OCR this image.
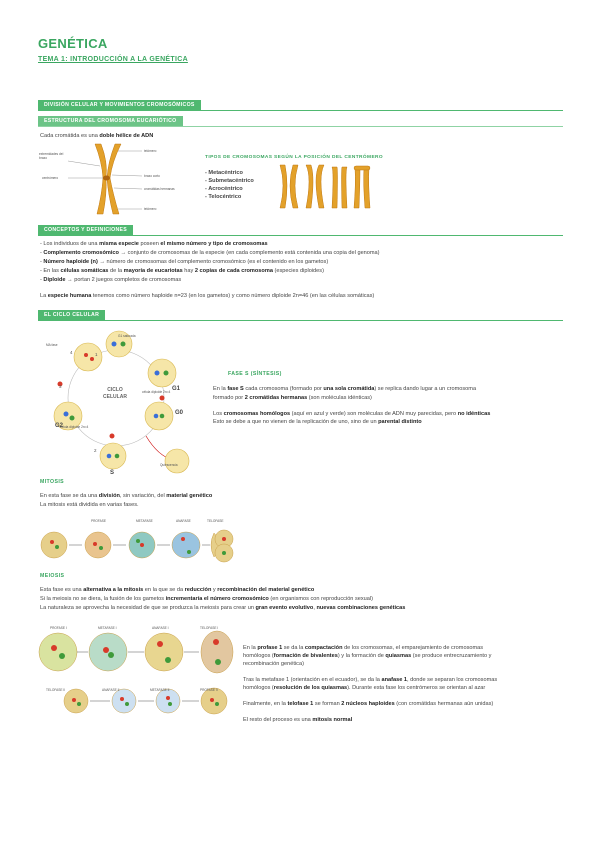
GENÉTICA
TEMA 1: INTRODUCCIÓN A LA GENÉTICA
DIVISIÓN CELULAR Y MOVIMIENTOS CROMOSÓMICOS
ESTRUCTURA DEL CROMOSOMA EUCARIÓTICO
Cada cromátida es una doble hélice de ADN
extremidades del brazo
centrómero
telómero
brazo corto
cromátidas hermanas
telómero
TIPOS DE CROMOSOMAS SEGÚN LA POSICIÓN DEL CENTRÓMERO
- Metacéntrico
- Submetacéntrico
- Acrocéntrico
- Telocéntrico
CONCEPTOS Y DEFINICIONES
- Los individuos de una misma especie poseen el mismo número y tipo de cromosomas
- Complemento cromosómico → conjunto de cromosomas de la especie (en cada complemento está contenida una copia del genoma)
- Número haploide (n) → número de cromosomas del complemento cromosómico (es el contenido en los gametos)
- En las células somáticas de la mayoría de eucariotas hay 2 copias de cada cromosoma (especies diploides)
- Diploide → portan 2 juegos completos de cromosomas
La especie humana tenemos como número haploide n=23 (en los gametos) y como número diploide 2n=46 (en las células somáticas)
EL CICLO CELULAR
MA fase
G1 saturada
G1
G0
S
G2
Quiescencia
célula diploide 2n=4
célula diploide 2n=4
1
2
3
4
CICLO CELULAR
FASE S (SÍNTESIS)
En la fase S cada cromosoma (formado por una sola cromátida) se replica dando lugar a un cromosoma
formado por 2 cromátidas hermanas (son moléculas idénticas)
Los cromosomas homólogos (aquí en azul y verde) son moléculas de ADN muy parecidas, pero no idénticas
Esto se debe a que no vienen de la replicación de uno, sino de un parental distinto
MITOSIS
En esta fase se da una división, sin variación, del material genético
La mitosis está dividida en varias fases.
PROFASE	METAFASE	ANAFASE	TELOFASE
MEIOSIS
Esta fase es una alternativa a la mitosis en la que se da reducción y recombinación del material genético
Si la meiosis no se diera, la fusión de los gametos incrementaría el número cromosómico (en organismos con reproducción sexual)
La naturaleza se aprovecha la necesidad de que se produzca la meiosis para crear un gran evento evolutivo, nuevas combinaciones genéticas
PROFASE I	METAFASE I	ANAFASE I	TELOFASE I
TELOFASE II	ANAFASE II	METAFASE II	PROFASE II
En la profase 1 se da la compactación de los cromosomas, el emparejamiento de cromosomas
homólogos (formación de bivalentes) y la formación de quiasmas (se produce entrecruzamiento y
recombinación genética)
Tras la metafase 1 (orientación en el ecuador), se da la anafase 1, donde se separan los cromosomas
homólogos (resolución de los quiasmas). Durante esta fase los centrómeros se orientan al azar
Finalmente, en la telofase 1 se forman 2 núcleos haploides (con cromátidas hermanas aún unidas)
El resto del proceso es una mitosis normal
